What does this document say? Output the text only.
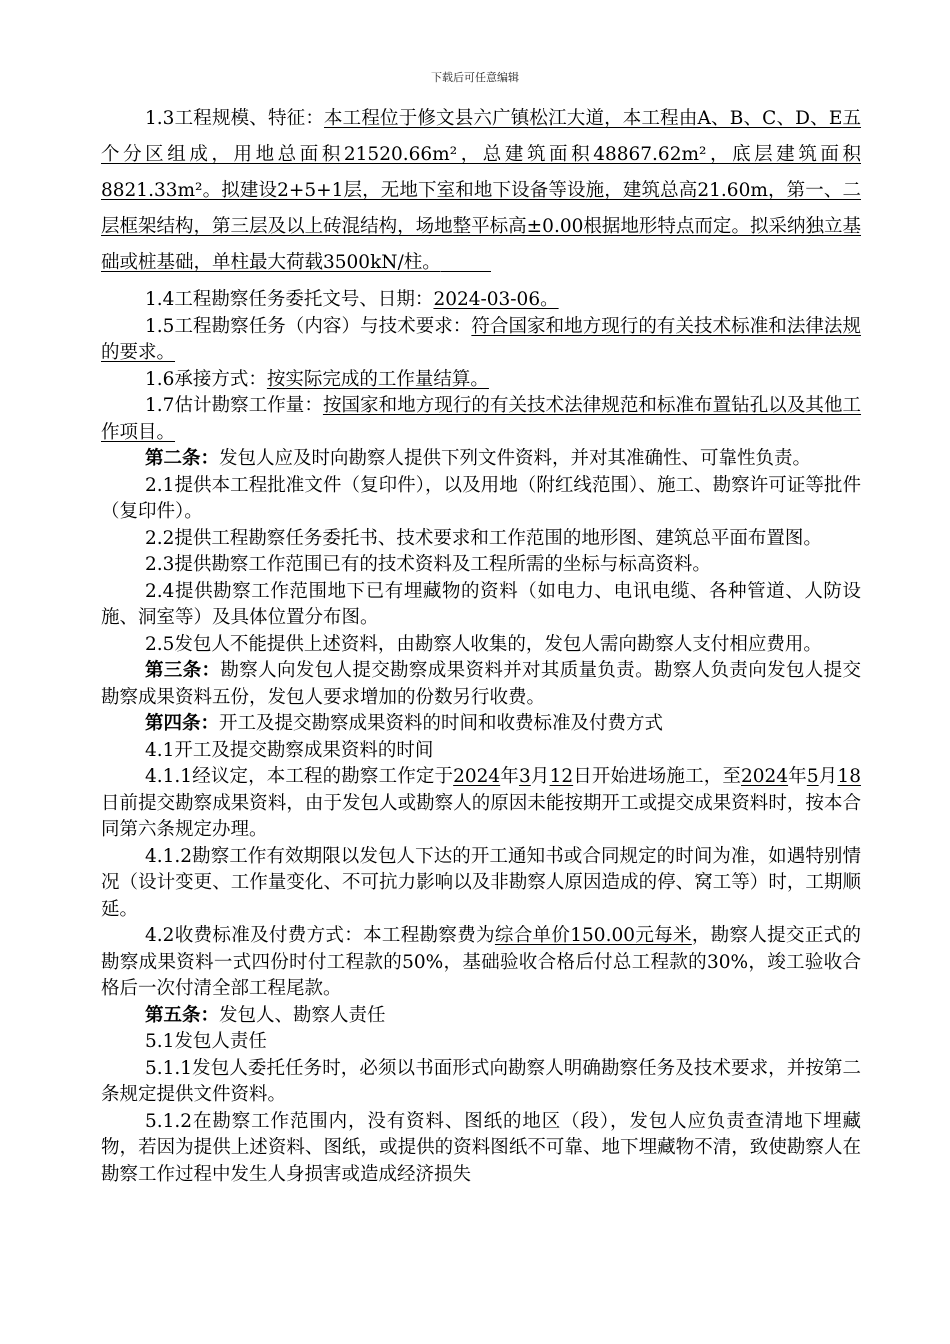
下载后可任意编辑

1.3工程规模、特征：本工程位于修文县六广镇松江大道，本工程由A、B、C、D、E五个分区组成，用地总面积21520.66m²，总建筑面积48867.62m²，底层建筑面积8821.33m²。拟建设2+5+1层，无地下室和地下设备等设施，建筑总高21.60m，第一、二层框架结构，第三层及以上砖混结构，场地整平标高±0.00根据地形特点而定。拟采纳独立基础或桩基础，单柱最大荷载3500kN/柱。

1.4工程勘察任务委托文号、日期：2024-03-06。

1.5工程勘察任务（内容）与技术要求：符合国家和地方现行的有关技术标准和法律法规的要求。

1.6承接方式：按实际完成的工作量结算。

1.7估计勘察工作量：按国家和地方现行的有关技术法律规范和标准布置钻孔以及其他工作项目。

第二条：发包人应及时向勘察人提供下列文件资料，并对其准确性、可靠性负责。

2.1提供本工程批准文件（复印件），以及用地（附红线范围）、施工、勘察许可证等批件（复印件）。

2.2提供工程勘察任务委托书、技术要求和工作范围的地形图、建筑总平面布置图。

2.3提供勘察工作范围已有的技术资料及工程所需的坐标与标高资料。

2.4提供勘察工作范围地下已有埋藏物的资料（如电力、电讯电缆、各种管道、人防设施、洞室等）及具体位置分布图。

2.5发包人不能提供上述资料，由勘察人收集的，发包人需向勘察人支付相应费用。

第三条：勘察人向发包人提交勘察成果资料并对其质量负责。勘察人负责向发包人提交勘察成果资料五份，发包人要求增加的份数另行收费。

第四条：开工及提交勘察成果资料的时间和收费标准及付费方式

4.1开工及提交勘察成果资料的时间

4.1.1经议定，本工程的勘察工作定于2024年3月12日开始进场施工，至2024年5月18日前提交勘察成果资料，由于发包人或勘察人的原因未能按期开工或提交成果资料时，按本合同第六条规定办理。

4.1.2勘察工作有效期限以发包人下达的开工通知书或合同规定的时间为准，如遇特别情况（设计变更、工作量变化、不可抗力影响以及非勘察人原因造成的停、窝工等）时，工期顺延。

4.2收费标准及付费方式：本工程勘察费为综合单价150.00元每米，勘察人提交正式的勘察成果资料一式四份时付工程款的50%，基础验收合格后付总工程款的30%，竣工验收合格后一次付清全部工程尾款。

第五条：发包人、勘察人责任

5.1发包人责任

5.1.1发包人委托任务时，必须以书面形式向勘察人明确勘察任务及技术要求，并按第二条规定提供文件资料。

5.1.2在勘察工作范围内，没有资料、图纸的地区（段），发包人应负责查清地下埋藏物，若因为提供上述资料、图纸，或提供的资料图纸不可靠、地下埋藏物不清，致使勘察人在勘察工作过程中发生人身损害或造成经济损失
